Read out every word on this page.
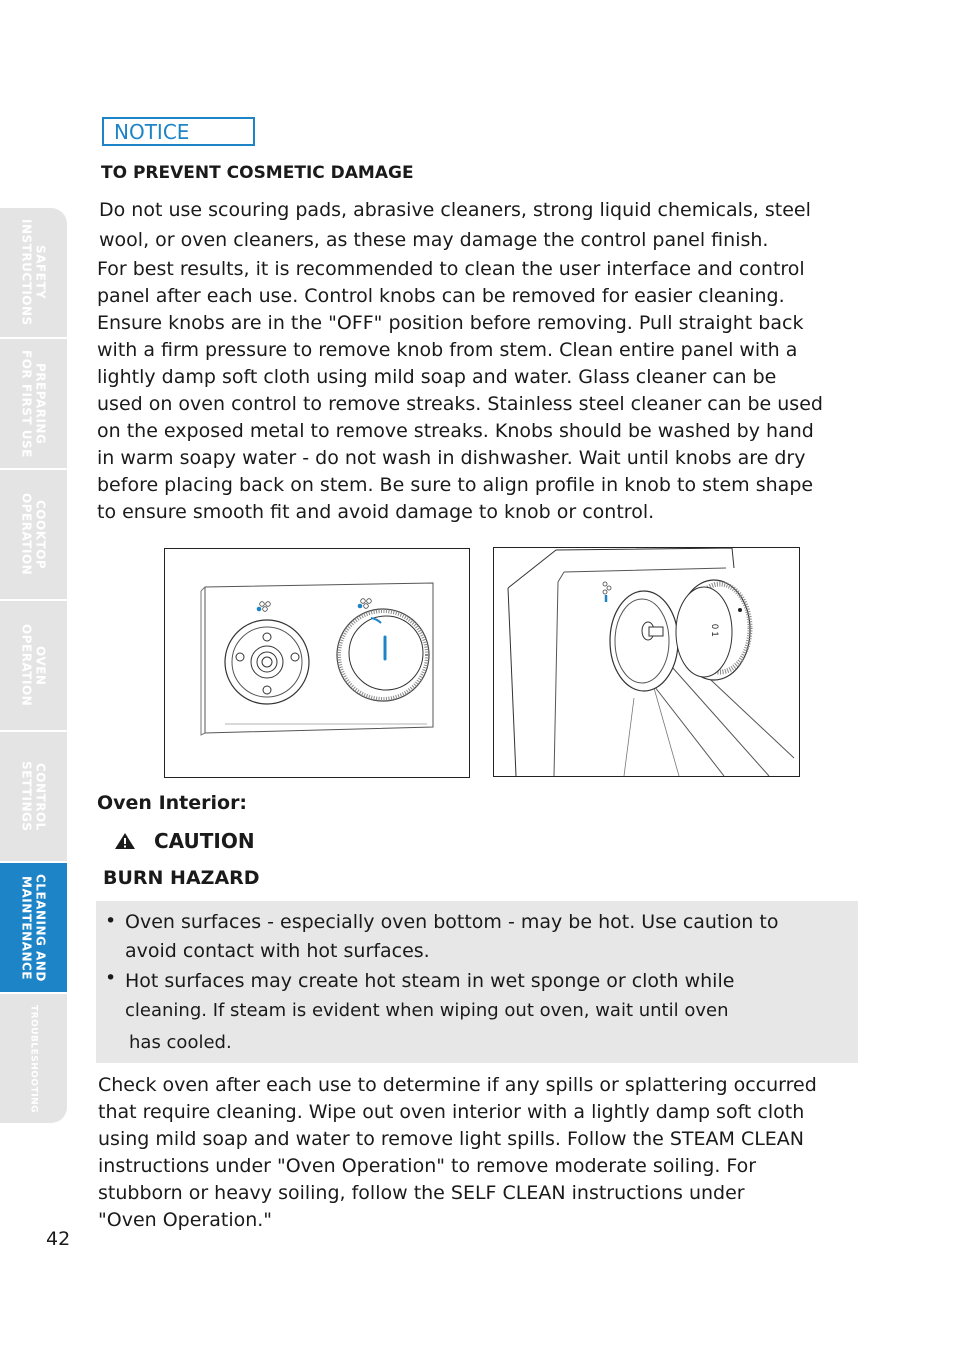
SAFETY
INSTRUCTIONS
PREPARING
FOR FIRST USE
COOKTOP
OPERATION
OVEN
OPERATION
CONTROL
SETTINGS
CLEANING AND
MAINTENANCE
TROUBLESHOOTING
NOTICE
TO PREVENT COSMETIC DAMAGE
Do not use scouring pads, abrasive cleaners, strong liquid chemicals, steel
wool, or oven cleaners, as these may damage the control panel finish.
For best results, it is recommended to clean the user interface and control
panel after each use. Control knobs can be removed for easier cleaning.
Ensure knobs are in the "OFF" position before removing. Pull straight back
with a firm pressure to remove knob from stem. Clean entire panel with a
lightly damp soft cloth using mild soap and water. Glass cleaner can be
used on oven control to remove streaks. Stainless steel cleaner can be used
on the exposed metal to remove streaks. Knobs should be washed by hand
in warm soapy water - do not wash in dishwasher. Wait until knobs are dry
before placing back on stem. Be sure to align profile in knob to stem shape
to ensure smooth fit and avoid damage to knob or control.
0 1
Oven Interior:
CAUTION
BURN HAZARD
• Oven surfaces - especially oven bottom - may be hot. Use caution to
avoid contact with hot surfaces.
• Hot surfaces may create hot steam in wet sponge or cloth while
cleaning. If steam is evident when wiping out oven, wait until oven
has cooled.
Check oven after each use to determine if any spills or splattering occurred
that require cleaning. Wipe out oven interior with a lightly damp soft cloth
using mild soap and water to remove light spills. Follow the STEAM CLEAN
instructions under "Oven Operation" to remove moderate soiling. For
stubborn or heavy soiling, follow the SELF CLEAN instructions under
"Oven Operation."
42
